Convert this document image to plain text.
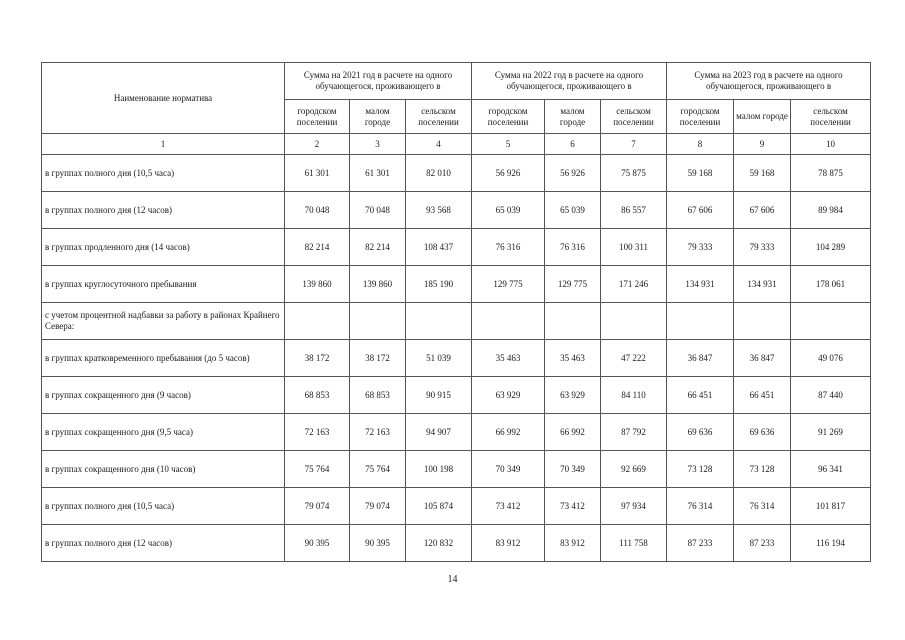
Наименование норматива	Сумма на 2021 год в расчете на одного обучающегося, проживающего в			Сумма на 2022 год в расчете на одного обучающегося, проживающего в			Сумма на 2023 год в расчете на одного обучающегося, проживающего в		
	городском поселении	малом городе	сельском поселении	городском поселении	малом городе	сельском поселении	городском поселении	малом городе	сельском поселении
1	2	3	4	5	6	7	8	9	10
в группах полного дня (10,5 часа)	61 301	61 301	82 010	56 926	56 926	75 875	59 168	59 168	78 875
в группах полного дня (12 часов)	70 048	70 048	93 568	65 039	65 039	86 557	67 606	67 606	89 984
в группах продленного дня (14 часов)	82 214	82 214	108 437	76 316	76 316	100 311	79 333	79 333	104 289
в группах круглосуточного пребывания	139 860	139 860	185 190	129 775	129 775	171 246	134 931	134 931	178 061
с учетом процентной надбавки за работу в районах Крайнего Севера:									
в группах кратковременного пребывания (до 5 часов)	38 172	38 172	51 039	35 463	35 463	47 222	36 847	36 847	49 076
в группах сокращенного дня (9 часов)	68 853	68 853	90 915	63 929	63 929	84 110	66 451	66 451	87 440
в группах сокращенного дня (9,5 часа)	72 163	72 163	94 907	66 992	66 992	87 792	69 636	69 636	91 269
в группах сокращенного дня (10 часов)	75 764	75 764	100 198	70 349	70 349	92 669	73 128	73 128	96 341
в группах полного дня (10,5 часа)	79 074	79 074	105 874	73 412	73 412	97 934	76 314	76 314	101 817
в группах полного дня (12 часов)	90 395	90 395	120 832	83 912	83 912	111 758	87 233	87 233	116 194
14
